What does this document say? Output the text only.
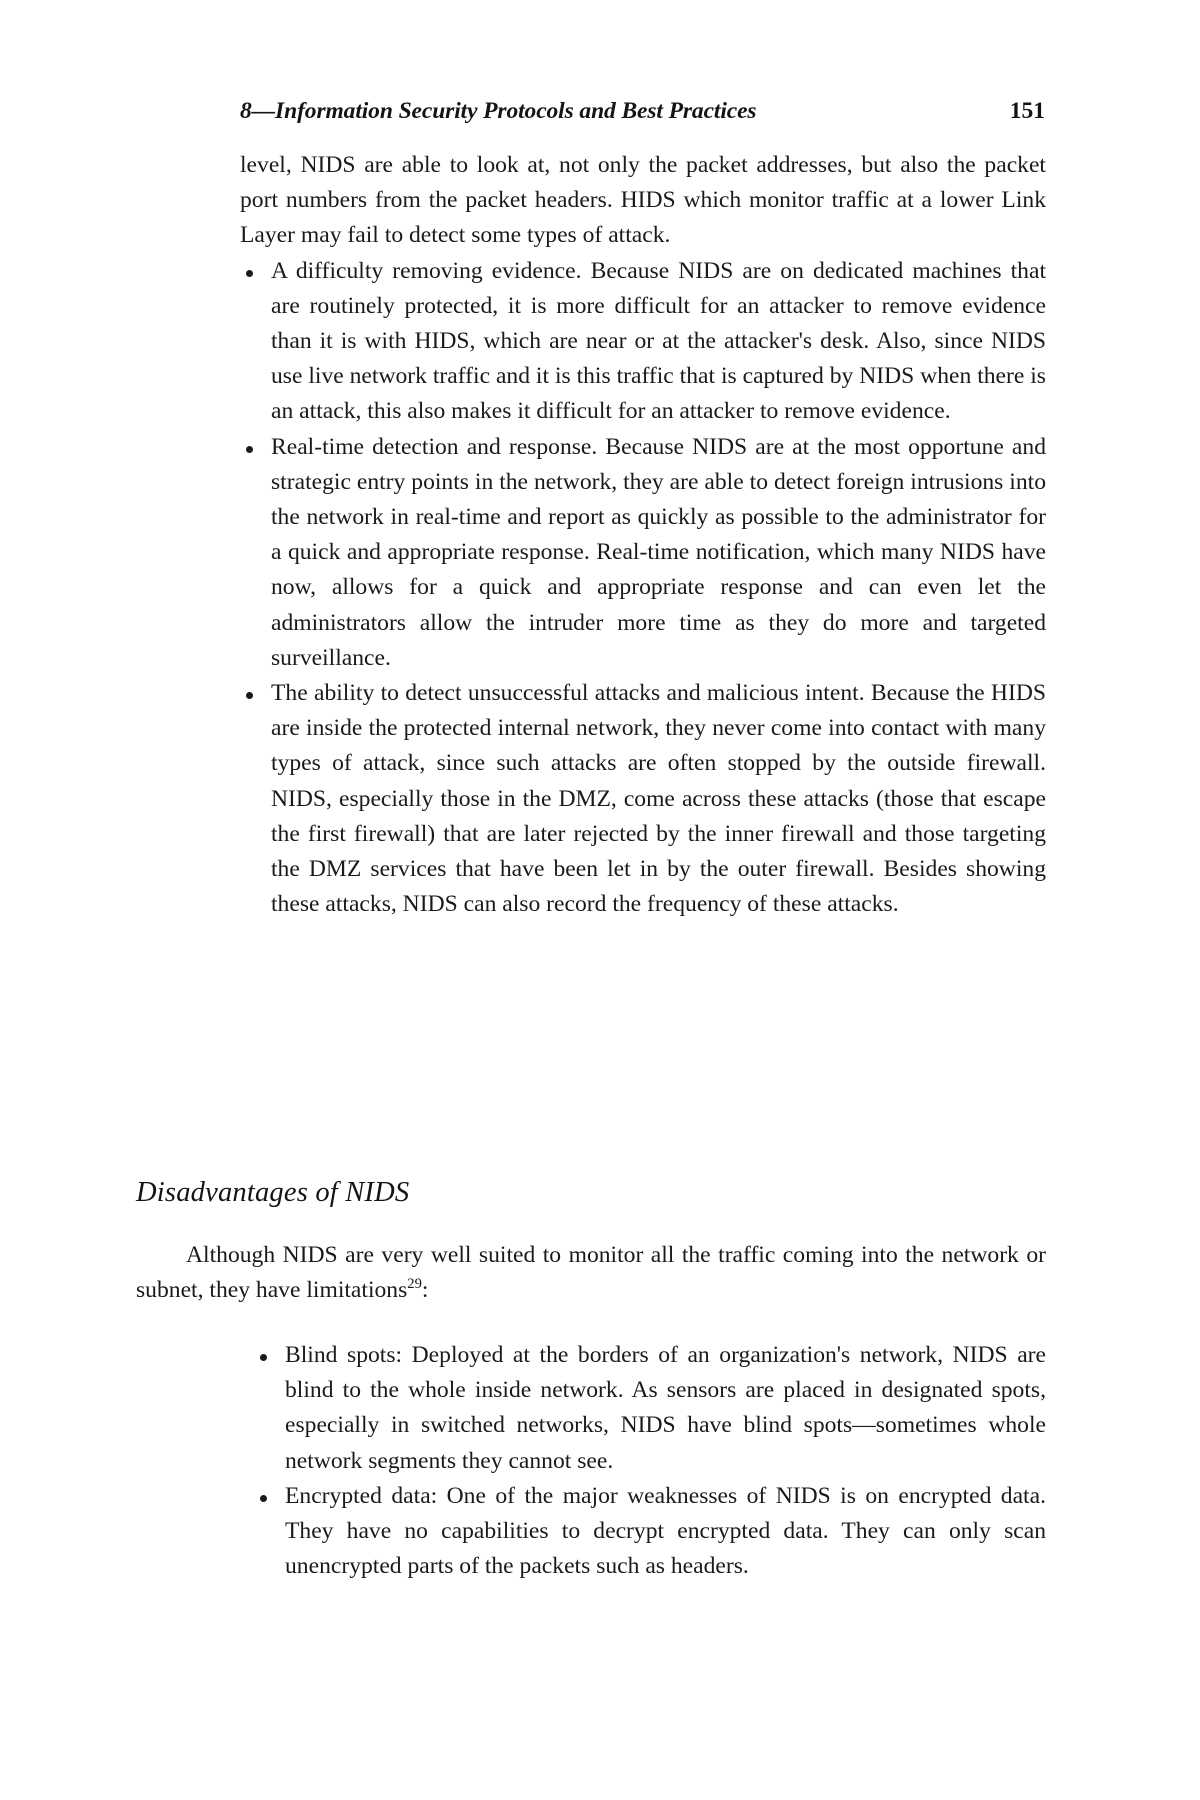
8—Information Security Protocols and Best Practices	151

level, NIDS are able to look at, not only the packet addresses, but also the packet port numbers from the packet headers. HIDS which monitor traffic at a lower Link Layer may fail to detect some types of attack.

A difficulty removing evidence. Because NIDS are on dedicated machines that are routinely protected, it is more difficult for an attacker to remove evidence than it is with HIDS, which are near or at the attacker's desk. Also, since NIDS use live network traffic and it is this traffic that is captured by NIDS when there is an attack, this also makes it difficult for an attacker to remove evidence.
Real-time detection and response. Because NIDS are at the most opportune and strategic entry points in the network, they are able to detect foreign intrusions into the network in real-time and report as quickly as possible to the administrator for a quick and appropriate response. Real-time notification, which many NIDS have now, allows for a quick and appropriate response and can even let the administrators allow the intruder more time as they do more and targeted surveillance.
The ability to detect unsuccessful attacks and malicious intent. Because the HIDS are inside the protected internal network, they never come into contact with many types of attack, since such attacks are often stopped by the outside firewall. NIDS, especially those in the DMZ, come across these attacks (those that escape the first firewall) that are later rejected by the inner firewall and those targeting the DMZ services that have been let in by the outer firewall. Besides showing these attacks, NIDS can also record the frequency of these attacks.
Disadvantages of NIDS

Although NIDS are very well suited to monitor all the traffic coming into the network or subnet, they have limitations$^{29}$:

Blind spots: Deployed at the borders of an organization's network, NIDS are blind to the whole inside network. As sensors are placed in designated spots, especially in switched networks, NIDS have blind spots—sometimes whole network segments they cannot see.
Encrypted data: One of the major weaknesses of NIDS is on encrypted data. They have no capabilities to decrypt encrypted data. They can only scan unencrypted parts of the packets such as headers.
